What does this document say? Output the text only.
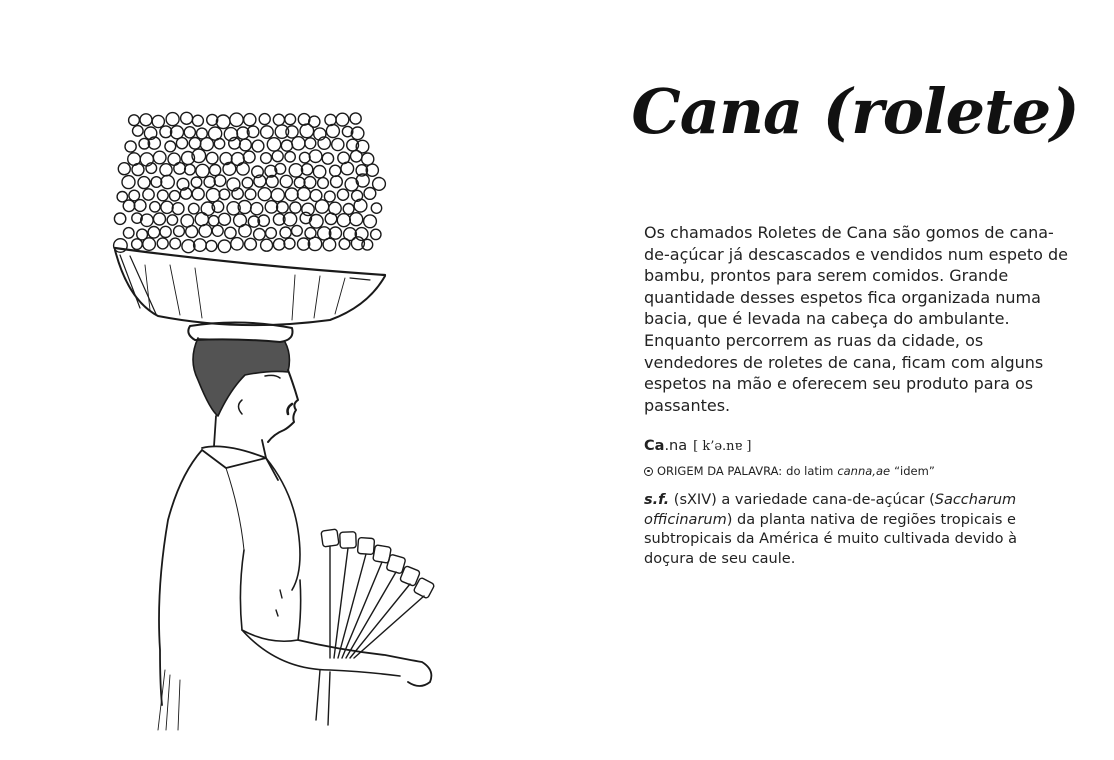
Cana (rolete)

Os chamados Roletes de Cana são gomos de cana-de-açúcar já descascados e vendidos num espeto de bambu, prontos para serem comidos. Grande quantidade desses espetos fica organizada numa bacia, que é levada na cabeça do ambulante. Enquanto percorrem as ruas da cidade, os vendedores de roletes de cana, ficam com alguns espetos na mão e oferecem seu produto para os passantes.

Ca.na [ k’ə.nɐ ]

ORIGEM DA PALAVRA: do latim canna,ae “idem”

s.f. (sXIV) a variedade cana-de-açúcar (Saccharum officinarum) da planta nativa de regiões tropicais e subtropicais da América é muito cultivada devido à doçura de seu caule.
